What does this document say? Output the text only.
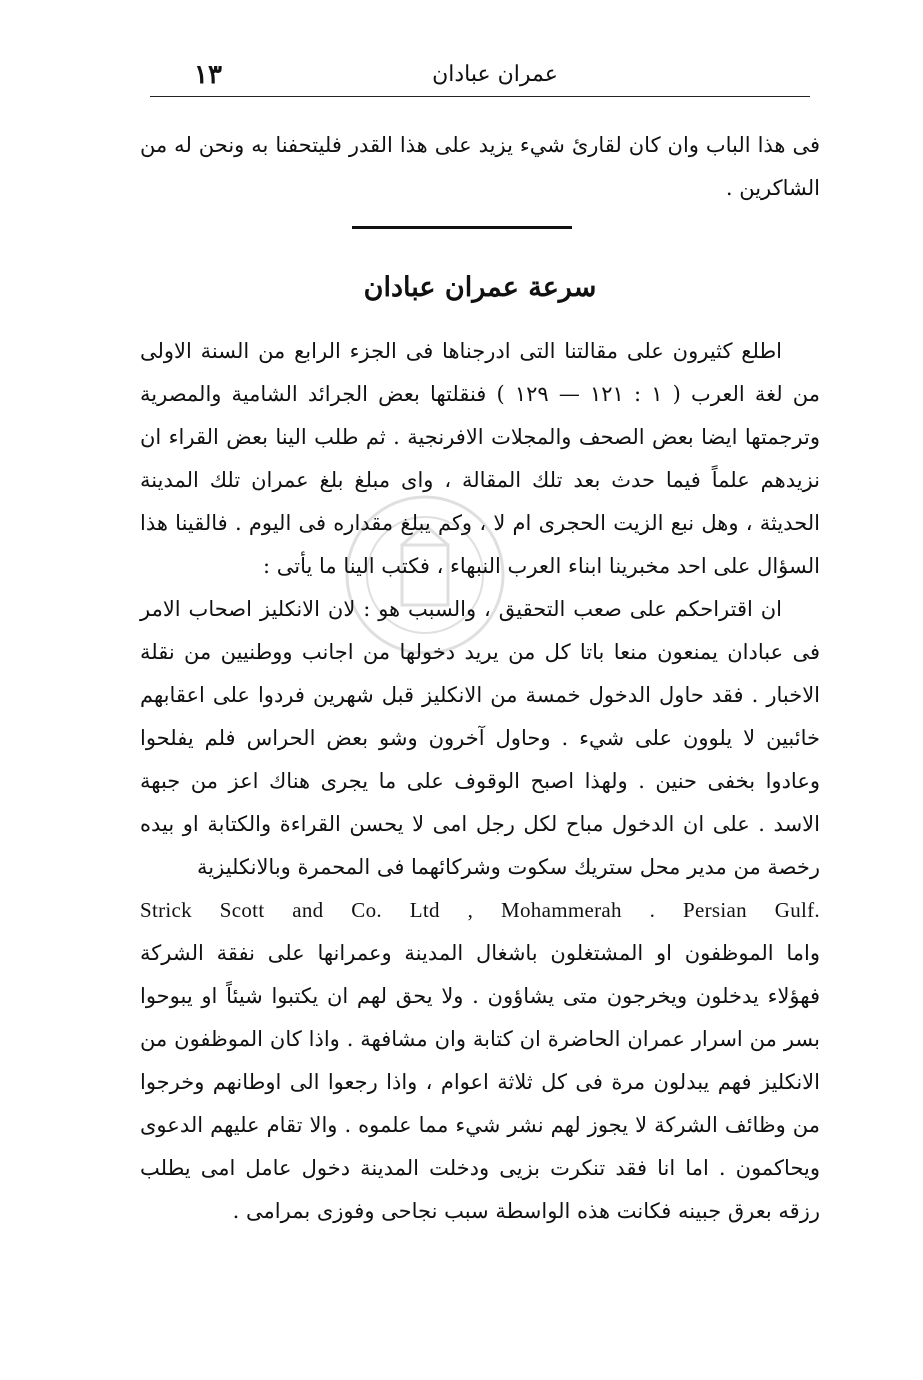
١٣	عمران عبادان

فى هذا الباب وان كان لقارئ شيء يزيد على هذا القدر فليتحفنا به ونحن له من الشاكرين .

سرعة عمران عبادان

اطلع كثيرون على مقالتنا التى ادرجناها فى الجزء الرابع من السنة الاولى من لغة العرب ( ١ : ١٢١ — ١٢٩ ) فنقلتها بعض الجرائد الشامية والمصرية وترجمتها ايضا بعض الصحف والمجلات الافرنجية . ثم طلب الينا بعض القراء ان نزيدهم علماً فيما حدث بعد تلك المقالة ، واى مبلغ بلغ عمران تلك المدينة الحديثة ، وهل نبع الزيت الحجرى ام لا ، وكم يبلغ مقداره فى اليوم . فالقينا هذا السؤال على احد مخبرينا ابناء العرب النبهاء ، فكتب الينا ما يأتى :

ان اقتراحكم على صعب التحقيق ، والسبب هو : لان الانكليز اصحاب الامر فى عبادان يمنعون منعا باتا كل من يريد دخولها من اجانب ووطنيين من نقلة الاخبار . فقد حاول الدخول خمسة من الانكليز قبل شهرين فردوا على اعقابهم خائبين لا يلوون على شيء . وحاول آخرون وشو بعض الحراس فلم يفلحوا وعادوا بخفى حنين . ولهذا اصبح الوقوف على ما يجرى هناك اعز من جبهة الاسد . على ان الدخول مباح لكل رجل امى لا يحسن القراءة والكتابة او بيده رخصة من مدير محل ستريك سكوت وشركائهما فى المحمرة وبالانكليزية

Strick Scott and Co. Ltd , Mohammerah . Persian Gulf.

واما الموظفون او المشتغلون باشغال المدينة وعمرانها على نفقة الشركة فهؤلاء يدخلون ويخرجون متى يشاؤون . ولا يحق لهم ان يكتبوا شيئاً او يبوحوا بسر من اسرار عمران الحاضرة ان كتابة وان مشافهة . واذا كان الموظفون من الانكليز فهم يبدلون مرة فى كل ثلاثة اعوام ، واذا رجعوا الى اوطانهم وخرجوا من وظائف الشركة لا يجوز لهم نشر شيء مما علموه . والا تقام عليهم الدعوى ويحاكمون . اما انا فقد تنكرت بزيى ودخلت المدينة دخول عامل امى يطلب رزقه بعرق جبينه فكانت هذه الواسطة سبب نجاحى وفوزى بمرامى .
